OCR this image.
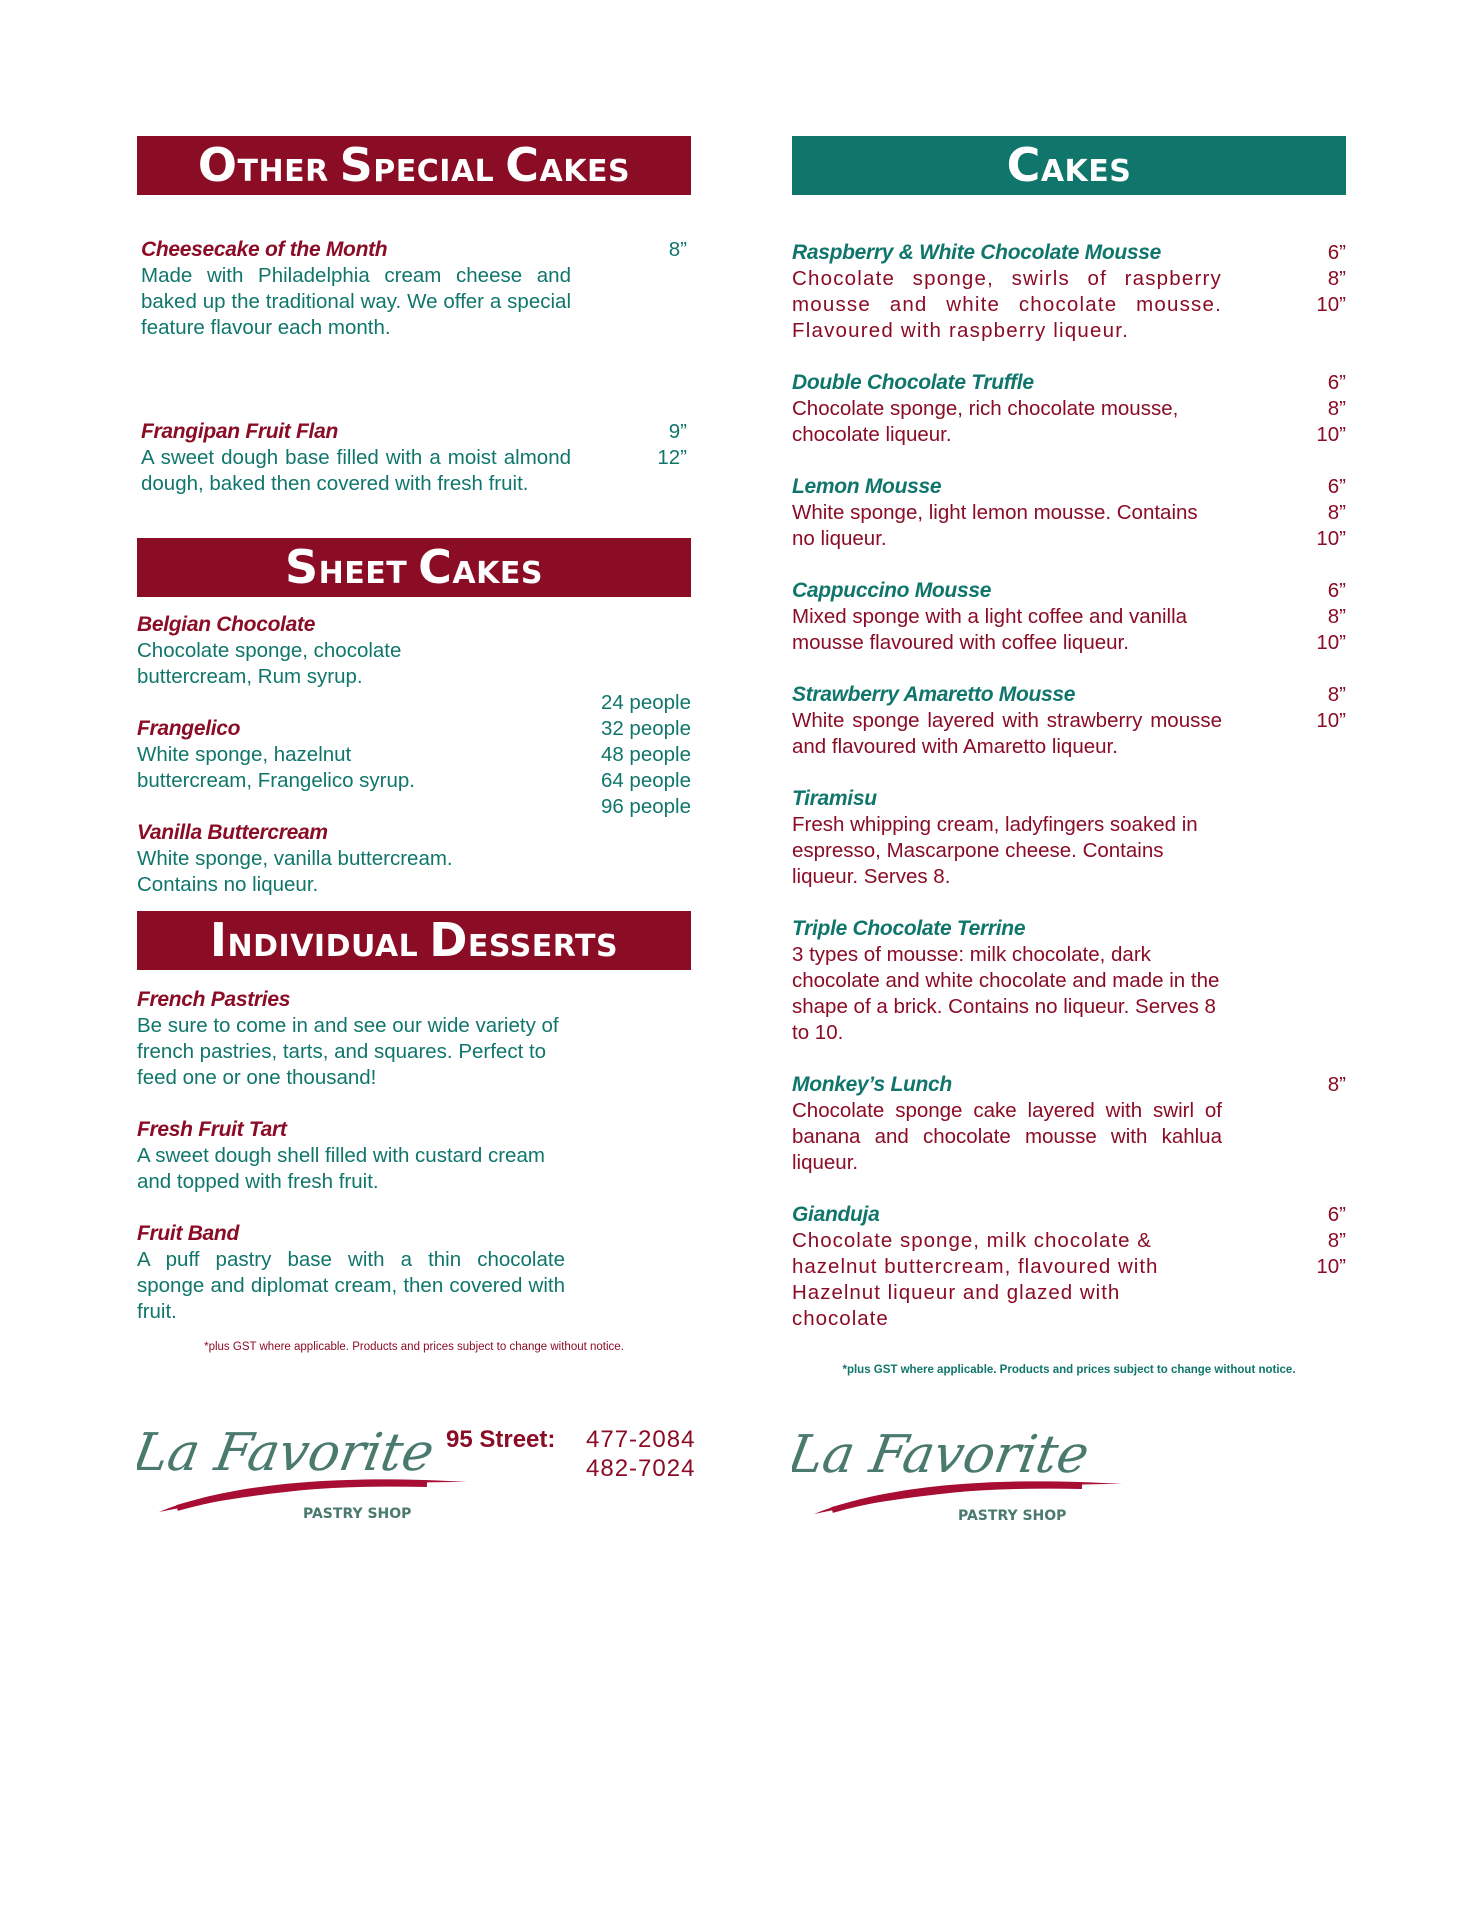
OTHER SPECIAL CAKES
Cheesecake of the Month
Made with Philadelphia cream cheese and baked up the traditional way. We offer a special feature flavour each month.
8”
Frangipan Fruit Flan
A sweet dough base filled with a moist almond dough, baked then covered with fresh fruit.
9”
12”
SHEET CAKES
Belgian Chocolate
Chocolate sponge, chocolate buttercream, Rum syrup.
Frangelico
White sponge, hazelnut buttercream, Frangelico syrup.
Vanilla Buttercream
White sponge, vanilla buttercream. Contains no liqueur.
24 people
32 people
48 people
64 people
96 people
INDIVIDUAL DESSERTS
French Pastries
Be sure to come in and see our wide variety of french pastries, tarts, and squares. Perfect to feed one or one thousand!
Fresh Fruit Tart
A sweet dough shell filled with custard cream and topped with fresh fruit.
Fruit Band
A puff pastry base with a thin chocolate sponge and diplomat cream, then covered with fruit.
*plus GST where applicable. Products and prices subject to change without notice.
La Favorite
PASTRY SHOP
95 Street: 477-2084
482-7024
CAKES
Raspberry & White Chocolate Mousse
Chocolate sponge, swirls of raspberry mousse and white chocolate mousse. Flavoured with raspberry liqueur.
6”
8”
10”
Double Chocolate Truffle
Chocolate sponge, rich chocolate mousse, chocolate liqueur.
6”
8”
10”
Lemon Mousse
White sponge, light lemon mousse. Contains no liqueur.
6”
8”
10”
Cappuccino Mousse
Mixed sponge with a light coffee and vanilla mousse flavoured with coffee liqueur.
6”
8”
10”
Strawberry Amaretto Mousse
White sponge layered with strawberry mousse and flavoured with Amaretto liqueur.
8”
10”
Tiramisu
Fresh whipping cream, ladyfingers soaked in espresso, Mascarpone cheese. Contains liqueur. Serves 8.
Triple Chocolate Terrine
3 types of mousse: milk chocolate, dark chocolate and white chocolate and made in the shape of a brick. Contains no liqueur. Serves 8 to 10.
Monkey’s Lunch
Chocolate sponge cake layered with swirl of banana and chocolate mousse with kahlua liqueur.
8”
Gianduja
Chocolate sponge, milk chocolate & hazelnut buttercream, flavoured with Hazelnut liqueur and glazed with chocolate
6”
8”
10”
*plus GST where applicable. Products and prices subject to change without notice.
La Favorite
PASTRY SHOP
